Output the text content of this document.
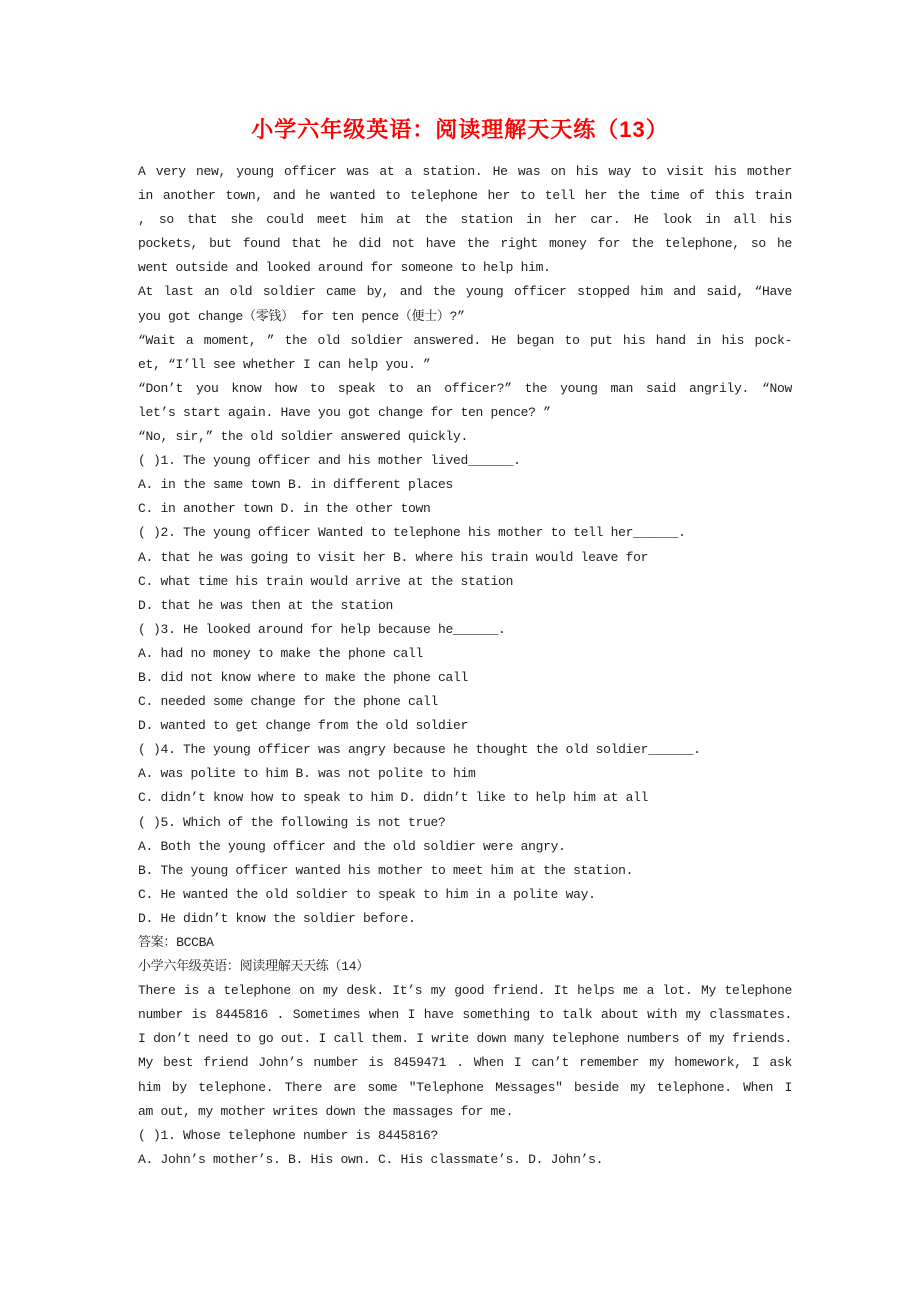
小学六年级英语：阅读理解天天练（13）
A very new, young officer was at a station. He was on his way to visit his mother
in another town, and he wanted to telephone her to tell her the time of this train
, so that she could meet him at the station in her car. He look in all his
pockets, but found that he did not have the right money for the telephone, so he
went outside and looked around for someone to help him.
At last an old soldier came by, and the young officer stopped him and said, “Have
you got change（零钱） for ten pence（便士）?”
“Wait a moment, ” the old soldier answered. He began to put his hand in his pock-
et, “I’ll see whether I can help you. ”
“Don’t you know how to speak to an officer?” the young man said angrily. “Now
let’s start again. Have you got change for ten pence? ”
“No, sir,” the old soldier answered quickly.
( )1. The young officer and his mother lived______.
A. in the same town B. in different places
C. in another town D. in the other town
( )2. The young officer Wanted to telephone his mother to tell her______.
A. that he was going to visit her B. where his train would leave for
C. what time his train would arrive at the station
D. that he was then at the station
( )3. He looked around for help because he______.
A. had no money to make the phone call
B. did not know where to make the phone call
C. needed some change for the phone call
D. wanted to get change from the old soldier
( )4. The young officer was angry because he thought the old soldier______.
A. was polite to him B. was not polite to him
C. didn’t know how to speak to him D. didn’t like to help him at all
( )5. Which of the following is not true?
A. Both the young officer and the old soldier were angry.
B. The young officer wanted his mother to meet him at the station.
C. He wanted the old soldier to speak to him in a polite way.
D. He didn’t know the soldier before.
答案：BCCBA
小学六年级英语：阅读理解天天练（14）
There is a telephone on my desk. It’s my good friend. It helps me a lot. My telephone
number is 8445816 . Sometimes when I have something to talk about with my classmates.
I don’t need to go out. I call them. I write down many telephone numbers of my friends.
My best friend John’s number is 8459471 . When I can’t remember my homework, I ask
him by telephone. There are some "Telephone Messages" beside my telephone. When I
am out, my mother writes down the massages for me.
( )1. Whose telephone number is 8445816?
A. John’s mother’s. B. His own. C. His classmate’s. D. John’s.
